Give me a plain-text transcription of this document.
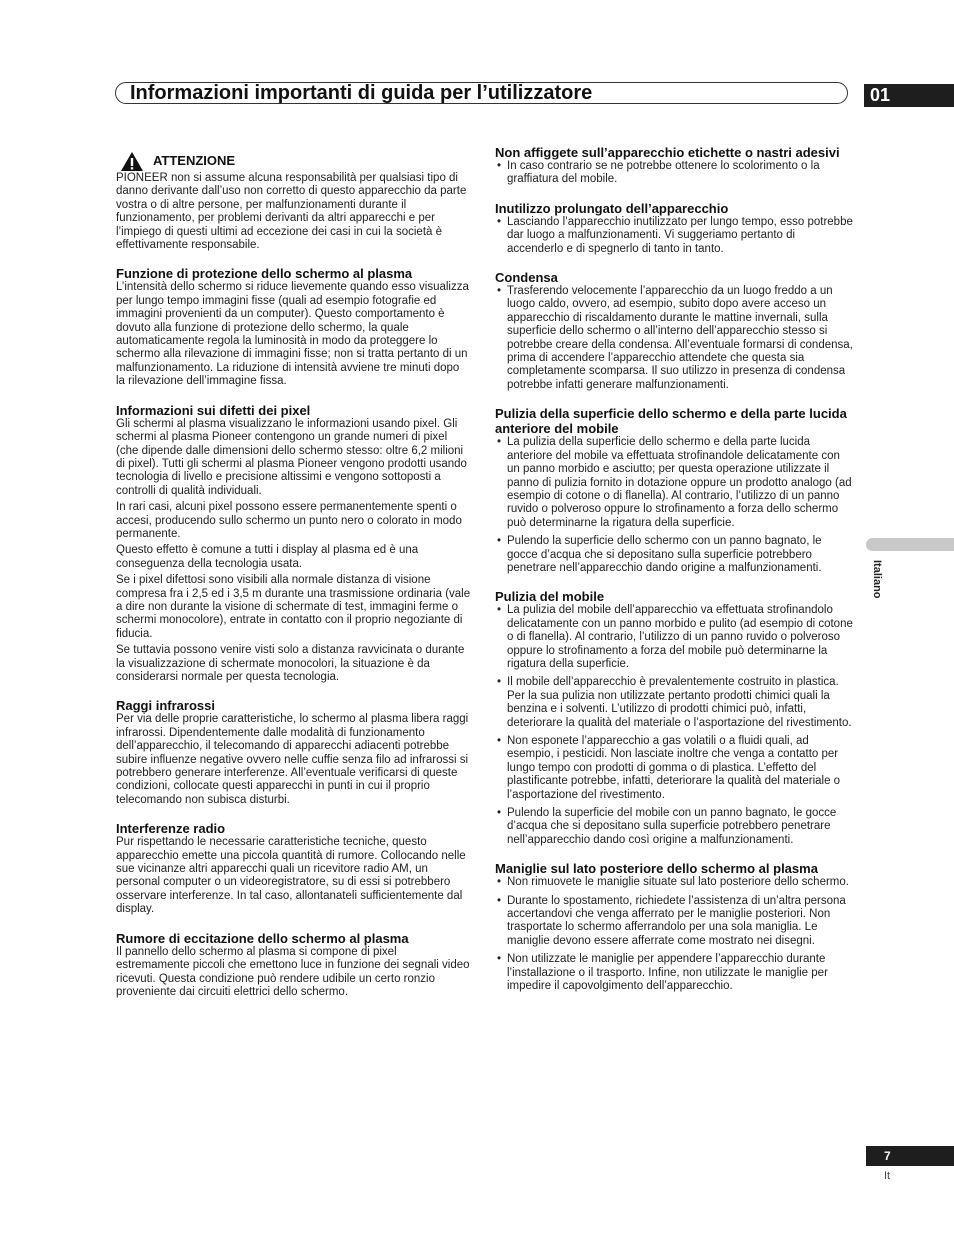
Informazioni importanti di guida per l’utilizzatore	01
Italiano
ATTENZIONE

PIONEER non si assume alcuna responsabilità per qualsiasi tipo di danno derivante dall’uso non corretto di questo apparecchio da parte vostra o di altre persone, per malfunzionamenti durante il funzionamento, per problemi derivanti da altri apparecchi e per l’impiego di questi ultimi ad eccezione dei casi in cui la società è effettivamente responsabile.

Funzione di protezione dello schermo al plasma

L’intensità dello schermo si riduce lievemente quando esso visualizza per lungo tempo immagini fisse (quali ad esempio fotografie ed immagini provenienti da un computer). Questo comportamento è dovuto alla funzione di protezione dello schermo, la quale automaticamente regola la luminosità in modo da proteggere lo schermo alla rilevazione di immagini fisse; non si tratta pertanto di un malfunzionamento. La riduzione di intensità avviene tre minuti dopo la rilevazione dell’immagine fissa.

Informazioni sui difetti dei pixel

Gli schermi al plasma visualizzano le informazioni usando pixel. Gli schermi al plasma Pioneer contengono un grande numeri di pixel (che dipende dalle dimensioni dello schermo stesso: oltre 6,2 milioni di pixel). Tutti gli schermi al plasma Pioneer vengono prodotti usando tecnologia di livello e precisione altissimi e vengono sottoposti a controlli di qualità individuali.

In rari casi, alcuni pixel possono essere permanentemente spenti o accesi, producendo sullo schermo un punto nero o colorato in modo permanente.

Questo effetto è comune a tutti i display al plasma ed è una conseguenza della tecnologia usata.

Se i pixel difettosi sono visibili alla normale distanza di visione compresa fra i 2,5 ed i 3,5 m durante una trasmissione ordinaria (vale a dire non durante la visione di schermate di test, immagini ferme o schermi monocolore), entrate in contatto con il proprio negoziante di fiducia.

Se tuttavia possono venire visti solo a distanza ravvicinata o durante la visualizzazione di schermate monocolori, la situazione è da considerarsi normale per questa tecnologia.

Raggi infrarossi

Per via delle proprie caratteristiche, lo schermo al plasma libera raggi infrarossi. Dipendentemente dalle modalità di funzionamento dell’apparecchio, il telecomando di apparecchi adiacenti potrebbe subire influenze negative ovvero nelle cuffie senza filo ad infrarossi si potrebbero generare interferenze. All’eventuale verificarsi di queste condizioni, collocate questi apparecchi in punti in cui il proprio telecomando non subisca disturbi.

Interferenze radio

Pur rispettando le necessarie caratteristiche tecniche, questo apparecchio emette una piccola quantità di rumore. Collocando nelle sue vicinanze altri apparecchi quali un ricevitore radio AM, un personal computer o un videoregistratore, su di essi si potrebbero osservare interferenze. In tal caso, allontanateli sufficientemente dal display.

Rumore di eccitazione dello schermo al plasma

Il pannello dello schermo al plasma si compone di pixel estremamente piccoli che emettono luce in funzione dei segnali video ricevuti. Questa condizione può rendere udibile un certo ronzio proveniente dai circuiti elettrici dello schermo.

Non affiggete sull’apparecchio etichette o nastri adesivi
• In caso contrario se ne potrebbe ottenere lo scolorimento o la graffiatura del mobile.
Inutilizzo prolungato dell’apparecchio
• Lasciando l’apparecchio inutilizzato per lungo tempo, esso potrebbe dar luogo a malfunzionamenti. Vi suggeriamo pertanto di accenderlo e di spegnerlo di tanto in tanto.
Condensa
• Trasferendo velocemente l’apparecchio da un luogo freddo a un luogo caldo, ovvero, ad esempio, subito dopo avere acceso un apparecchio di riscaldamento durante le mattine invernali, sulla superficie dello schermo o all’interno dell’apparecchio stesso si potrebbe creare della condensa. All’eventuale formarsi di condensa, prima di accendere l’apparecchio attendete che questa sia completamente scomparsa. Il suo utilizzo in presenza di condensa potrebbe infatti generare malfunzionamenti.
Pulizia della superficie dello schermo e della parte lucida anteriore del mobile
• La pulizia della superficie dello schermo e della parte lucida anteriore del mobile va effettuata strofinandole delicatamente con un panno morbido e asciutto; per questa operazione utilizzate il panno di pulizia fornito in dotazione oppure un prodotto analogo (ad esempio di cotone o di flanella). Al contrario, l’utilizzo di un panno ruvido o polveroso oppure lo strofinamento a forza dello schermo può determinarne la rigatura della superficie.
• Pulendo la superficie dello schermo con un panno bagnato, le gocce d’acqua che si depositano sulla superficie potrebbero penetrare nell’apparecchio dando origine a malfunzionamenti.
Pulizia del mobile
• La pulizia del mobile dell’apparecchio va effettuata strofinandolo delicatamente con un panno morbido e pulito (ad esempio di cotone o di flanella). Al contrario, l’utilizzo di un panno ruvido o polveroso oppure lo strofinamento a forza del mobile può determinarne la rigatura della superficie.
• Il mobile dell’apparecchio è prevalentemente costruito in plastica. Per la sua pulizia non utilizzate pertanto prodotti chimici quali la benzina e i solventi. L’utilizzo di prodotti chimici può, infatti, deteriorare la qualità del materiale o l’asportazione del rivestimento.
• Non esponete l’apparecchio a gas volatili o a fluidi quali, ad esempio, i pesticidi. Non lasciate inoltre che venga a contatto per lungo tempo con prodotti di gomma o di plastica. L’effetto del plastificante potrebbe, infatti, deteriorare la qualità del materiale o l’asportazione del rivestimento.
• Pulendo la superficie del mobile con un panno bagnato, le gocce d’acqua che si depositano sulla superficie potrebbero penetrare nell’apparecchio dando così origine a malfunzionamenti.
Maniglie sul lato posteriore dello schermo al plasma
• Non rimuovete le maniglie situate sul lato posteriore dello schermo.
• Durante lo spostamento, richiedete l’assistenza di un’altra persona accertandovi che venga afferrato per le maniglie posteriori. Non trasportate lo schermo afferrandolo per una sola maniglia. Le maniglie devono essere afferrate come mostrato nei disegni.
• Non utilizzate le maniglie per appendere l’apparecchio durante l’installazione o il trasporto. Infine, non utilizzate le maniglie per impedire il capovolgimento dell’apparecchio.
7
It
